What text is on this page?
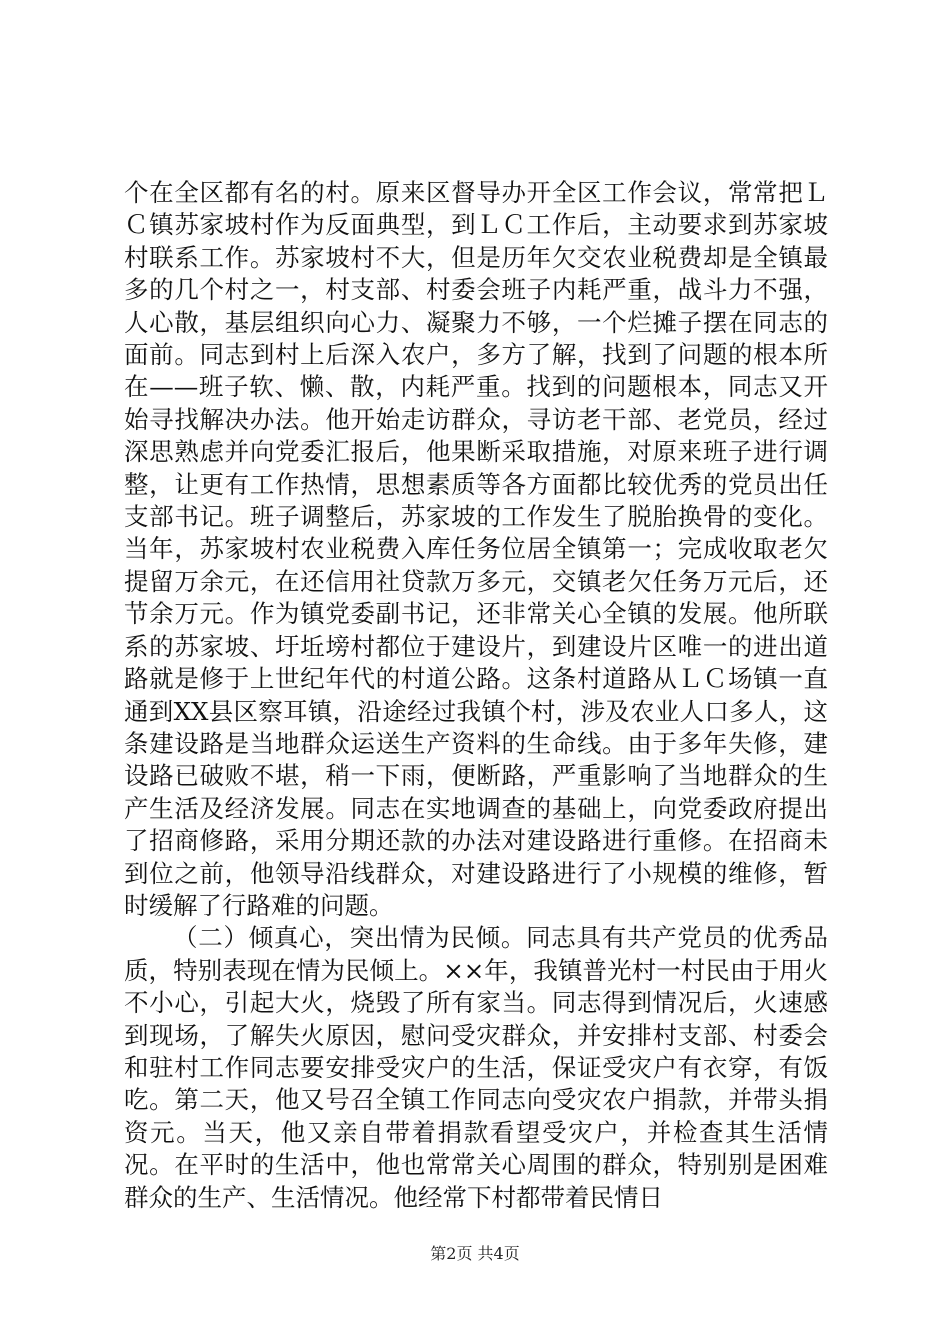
个在全区都有名的村。原来区督导办开全区工作会议，常常把ＬＣ镇苏家坡村作为反面典型，到ＬＣ工作后，主动要求到苏家坡村联系工作。苏家坡村不大，但是历年欠交农业税费却是全镇最多的几个村之一，村支部、村委会班子内耗严重，战斗力不强，人心散，基层组织向心力、凝聚力不够，一个烂摊子摆在同志的面前。同志到村上后深入农户，多方了解，找到了问题的根本所在——班子软、懒、散，内耗严重。找到的问题根本，同志又开始寻找解决办法。他开始走访群众，寻访老干部、老党员，经过深思熟虑并向党委汇报后，他果断采取措施，对原来班子进行调整，让更有工作热情，思想素质等各方面都比较优秀的党员出任支部书记。班子调整后，苏家坡的工作发生了脱胎换骨的变化。当年，苏家坡村农业税费入库任务位居全镇第一；完成收取老欠提留万余元，在还信用社贷款万多元，交镇老欠任务万元后，还节余万元。作为镇党委副书记，还非常关心全镇的发展。他所联系的苏家坡、圩坵塝村都位于建设片，到建设片区唯一的进出道路就是修于上世纪年代的村道公路。这条村道路从ＬＣ场镇一直通到XX县区察耳镇，沿途经过我镇个村，涉及农业人口多人，这条建设路是当地群众运送生产资料的生命线。由于多年失修，建设路已破败不堪，稍一下雨，便断路，严重影响了当地群众的生产生活及经济发展。同志在实地调查的基础上，向党委政府提出了招商修路，采用分期还款的办法对建设路进行重修。在招商未到位之前，他领导沿线群众，对建设路进行了小规模的维修，暂时缓解了行路难的问题。

（二）倾真心，突出情为民倾。同志具有共产党员的优秀品质，特别表现在情为民倾上。××年，我镇普光村一村民由于用火不小心，引起大火，烧毁了所有家当。同志得到情况后，火速感到现场，了解失火原因，慰问受灾群众，并安排村支部、村委会和驻村工作同志要安排受灾户的生活，保证受灾户有衣穿，有饭吃。第二天，他又号召全镇工作同志向受灾农户捐款，并带头捐资元。当天，他又亲自带着捐款看望受灾户，并检查其生活情况。在平时的生活中，他也常常关心周围的群众，特别别是困难群众的生产、生活情况。他经常下村都带着民情日

第2页 共4页
